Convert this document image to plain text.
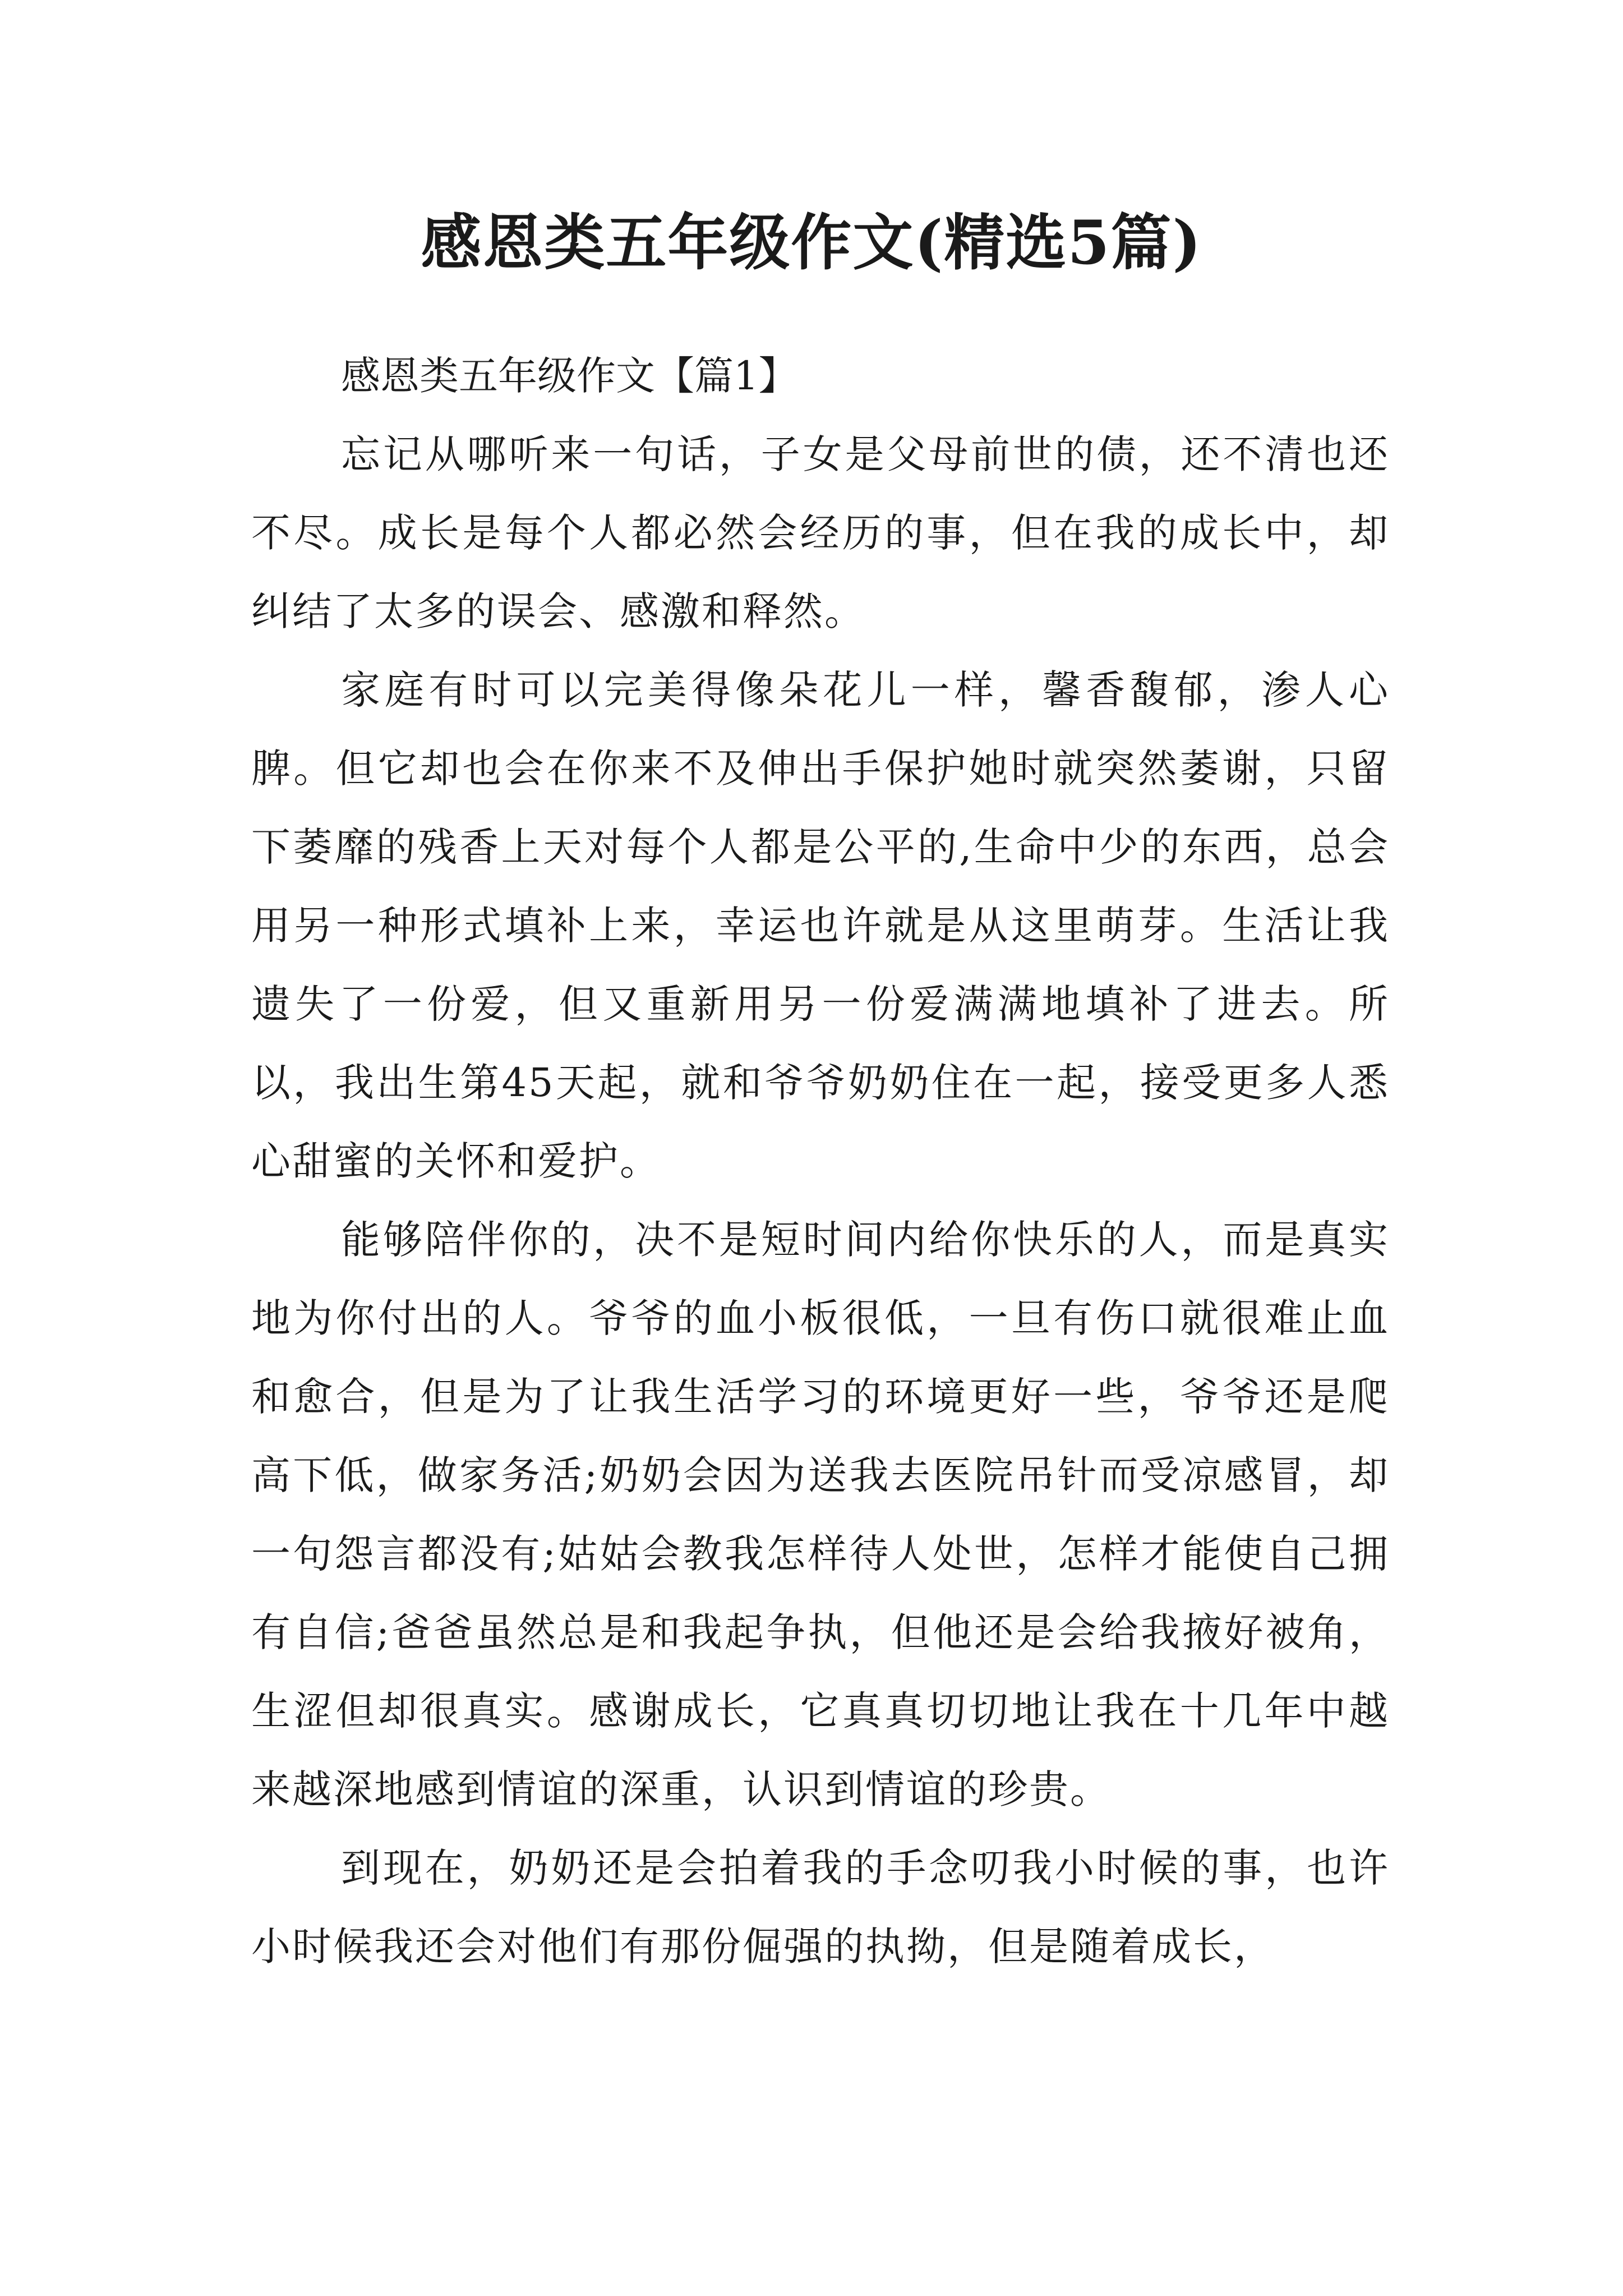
感恩类五年级作文(精选5篇)
感恩类五年级作文【篇1】

忘记从哪听来一句话，子女是父母前世的债，还不清也还不尽。成长是每个人都必然会经历的事，但在我的成长中，却纠结了太多的误会、感激和释然。

家庭有时可以完美得像朵花儿一样，馨香馥郁，渗人心脾。但它却也会在你来不及伸出手保护她时就突然萎谢，只留下萎靡的残香上天对每个人都是公平的,生命中少的东西，总会用另一种形式填补上来，幸运也许就是从这里萌芽。生活让我遗失了一份爱，但又重新用另一份爱满满地填补了进去。所以，我出生第45天起，就和爷爷奶奶住在一起，接受更多人悉心甜蜜的关怀和爱护。

能够陪伴你的，决不是短时间内给你快乐的人，而是真实地为你付出的人。爷爷的血小板很低，一旦有伤口就很难止血和愈合，但是为了让我生活学习的环境更好一些，爷爷还是爬高下低，做家务活;奶奶会因为送我去医院吊针而受凉感冒，却一句怨言都没有;姑姑会教我怎样待人处世，怎样才能使自己拥有自信;爸爸虽然总是和我起争执，但他还是会给我掖好被角，生涩但却很真实。感谢成长，它真真切切地让我在十几年中越来越深地感到情谊的深重，认识到情谊的珍贵。

到现在，奶奶还是会拍着我的手念叨我小时候的事，也许小时候我还会对他们有那份倔强的执拗，但是随着成长，
